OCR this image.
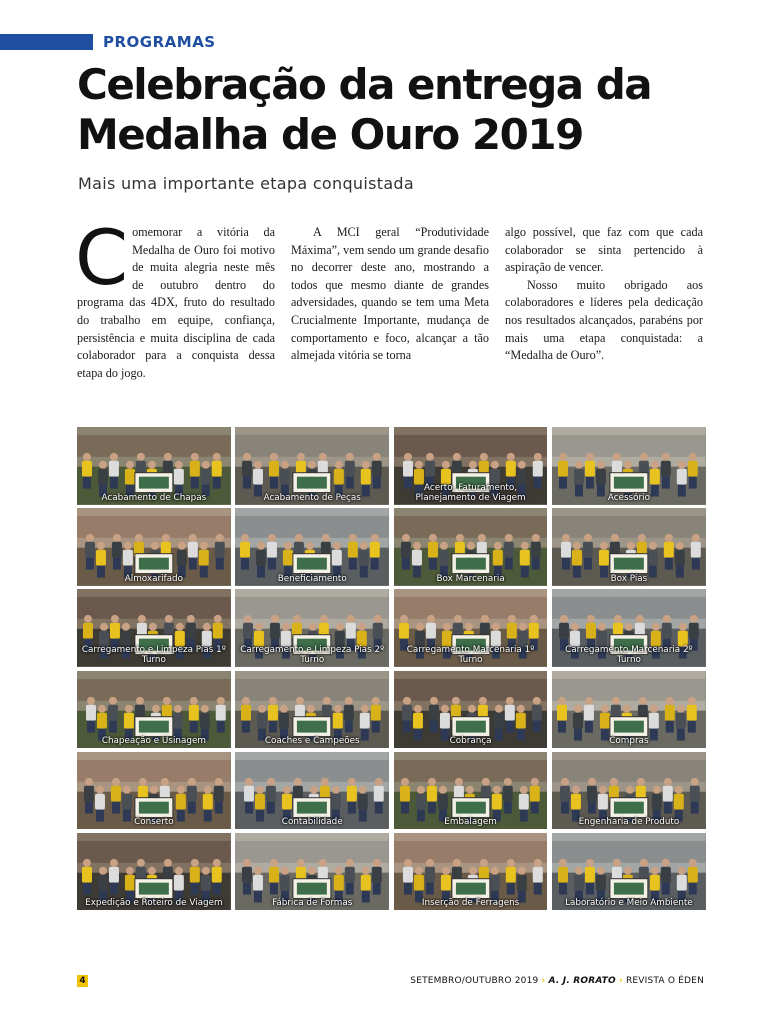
PROGRAMAS
Celebração da entrega da
Medalha de Ouro 2019
Mais uma importante etapa conquistada

Comemorar a vitória da Medalha de Ouro foi motivo de muita alegria neste mês de outubro dentro do programa das 4DX, fruto do resultado do trabalho em equipe, confiança, persistência e muita disciplina de cada colaborador para a conquista dessa etapa do jogo.

A MCI geral “Produtividade Máxima”, vem sendo um grande desafio no decorrer deste ano, mostrando a todos que mesmo diante de grandes adversidades, quando se tem uma Meta Crucialmente Importante, mudança de comportamento e foco, alcançar a tão almejada vitória se torna

algo possível, que faz com que cada colaborador se sinta pertencido à aspiração de vencer.

Nosso muito obrigado aos colaboradores e líderes pela dedicação nos resultados alcançados, parabéns por mais uma etapa conquistada: a “Medalha de Ouro”.

Acabamento de Chapas	Acabamento de Peças
Acerto, Faturamento, Planejamento de Viagem	Acessório
Almoxarifado	Beneficiamento	Box Marcenaria	Box Pias
Carregamento e Limpeza Pias 1º Turno
Carregamento e Limpeza Pias 2º Turno
Carregamento Marcenaria 1º Turno
Carregamento Marcenaria 2º Turno
Chapeação e Usinagem	Coaches e Campeões	Cobrança	Compras
Conserto	Contabilidade	Embalagem	Engenharia de Produto
Expedição e Roteiro de Viagem	Fábrica de Formas	Inserção de Ferragens	Laboratório e Meio Ambiente
4	SETEMBRO/OUTUBRO 2019 › A. J. RORATO › REVISTA O ÉDEN
